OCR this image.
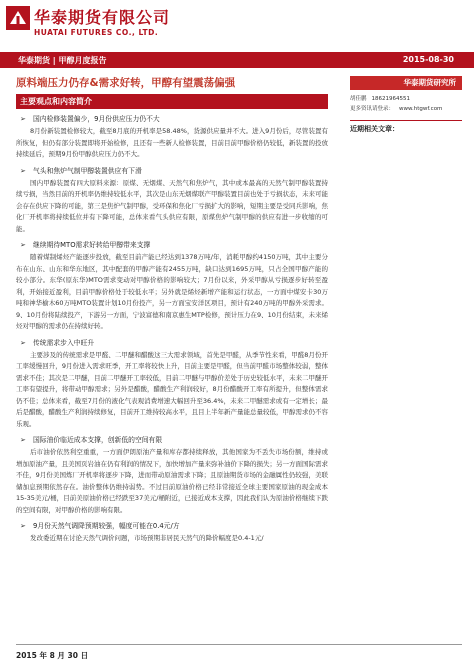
华泰期货有限公司
HUATAI FUTURES CO., LTD.
华泰期货 | 甲醇月度报告	2015-08-30
原料端压力仍存&需求好转，甲醇有望震荡偏强
主要观点和内容简介
➢ 国内检修装置偏少，9月份供应压力仍不大

8月份新装置检修较大，截至8月底的开机率是58.48%，货源供应量并不大。进入9月份后，尽管装置有所恢复，但仍有部分装置即将开始检修，且还有一些新人检修装置，目前目前甲醇价格仍较低，新装置的投放持续延后，预期9月份甲醇供应压力仍不大。

➢ 气头和焦炉气制甲醇装置供应有下滑

国内甲醇装置有四大原料来源：原煤、无烟煤、天然气和焦炉气，其中或本最高的天然气制甲醇装置持续亏损，当然目前的开机率仍维持较低水平，其次是山东无烟煤联产甲醇装置目前也处于亏损状态，未来可能会存在供应下降的可能，第三是焦炉气制甲醇，受环保和焦化厂亏损扩大的影响，短期主要是受同兵影响，焦化厂开机率将持续低位并有下降可能，总体来看气头供应有限，原煤焦炉气制甲醇的供应有进一步收缩的可能。

➢ 继续期待MTO需求好转给甲醇带来支撑

随着煤制烯烃产能逐步投放，截至目前产能已经达到1378万吨/年，消耗甲醇约4150万吨，其中主要分布在山东、山东和华东地区，其中配套的甲醇产能有2455万吨，缺口达到1695万吨，只占全国甲醇产能的较小部分。东华(原东华)MTO需求变动对甲醇价格的影响较大；7月份以来，外采甲醇从亏损逐步好转至盈利，开始接近盈利，目前甲醇价格处于较低水平；另外就是烯烃新增产能和运行状态，一方面中煤安卡30万吨和神华榆木60万吨MTO装置计划10月份投产，另一方面宝安洋区项目，预计有240万吨的甲醇外采需求。9、10月份将陆续投产，下游另一方面，宁波富德和南京惠生MTP检修，预计压力在9、10月份结束，未来烯烃对甲醇的需求仍在持续好转。

➢ 传统需求步入中旺升

主要涉及的传统需求是甲醛、二甲醚和醋酸这三大需求领域，首先是甲醛，从季节性来看，甲醛8月份开工率缓慢回升，9月份进入需求旺季，开工率将较快上升，目前主要是甲醛，但当前甲醛市场整体较弱，整体需求不佳；其次是二甲醚，目前二甲醚开工率较低，目前二甲醚与甲醇价差处于历史较低水平，未来二甲醚开工率有望提升，将带动甲醇需求；另外是醋酸，醋酸生产利润较好，8月份醋酸开工率有所提升，但整体需求仍不佳；总体来看，截至7月份的液化气表观消费增速大幅回升至36.4%，未来二甲醚需求或有一定增长；最后是醋酸，醋酸生产利润持续修复，目前开工维持较高水平，且目上半年新产量能总量较低，甲醇需求仍不容乐观。

➢ 国际油价临近成本支撑，创新低的空间有限

后市油价依然利空重重，一方面伊朗原油产量和库存都持续释放，其他国家为不丢失市场份额，维持或增加原油产量，且美国页岩油在仍有利润的情况下，加快增加产量来弥补油价下降的损失；另一方面国际需求不佳，9月份美国炼厂开机率将逐步下降，进而带动原油需求下降；且原油期货市场的金融属性仍较强，美联储加息预期依然存在。油价整体仍维持弱势。不过目前原油价格已经非常接近全球主要国家原油的现金成本15-35美元/桶，目前美原油价格已经跌至37美元/桶附近，已接近成本支撑，因此我们认为原油价格继续下跌的空间有限，对甲醇价格的影响有限。

➢ 9月份天然气调降预期较强，幅度可能在0.4元/方

发改委近期在讨论天然气调价问题，市场预期非居民天然气的降价幅度是0.4-1元/

华泰期货研究所
胡佳鹏 18621964551
更多资讯请登录： www.htgwf.com
近期相关文章：
2015 年 8 月 30 日
